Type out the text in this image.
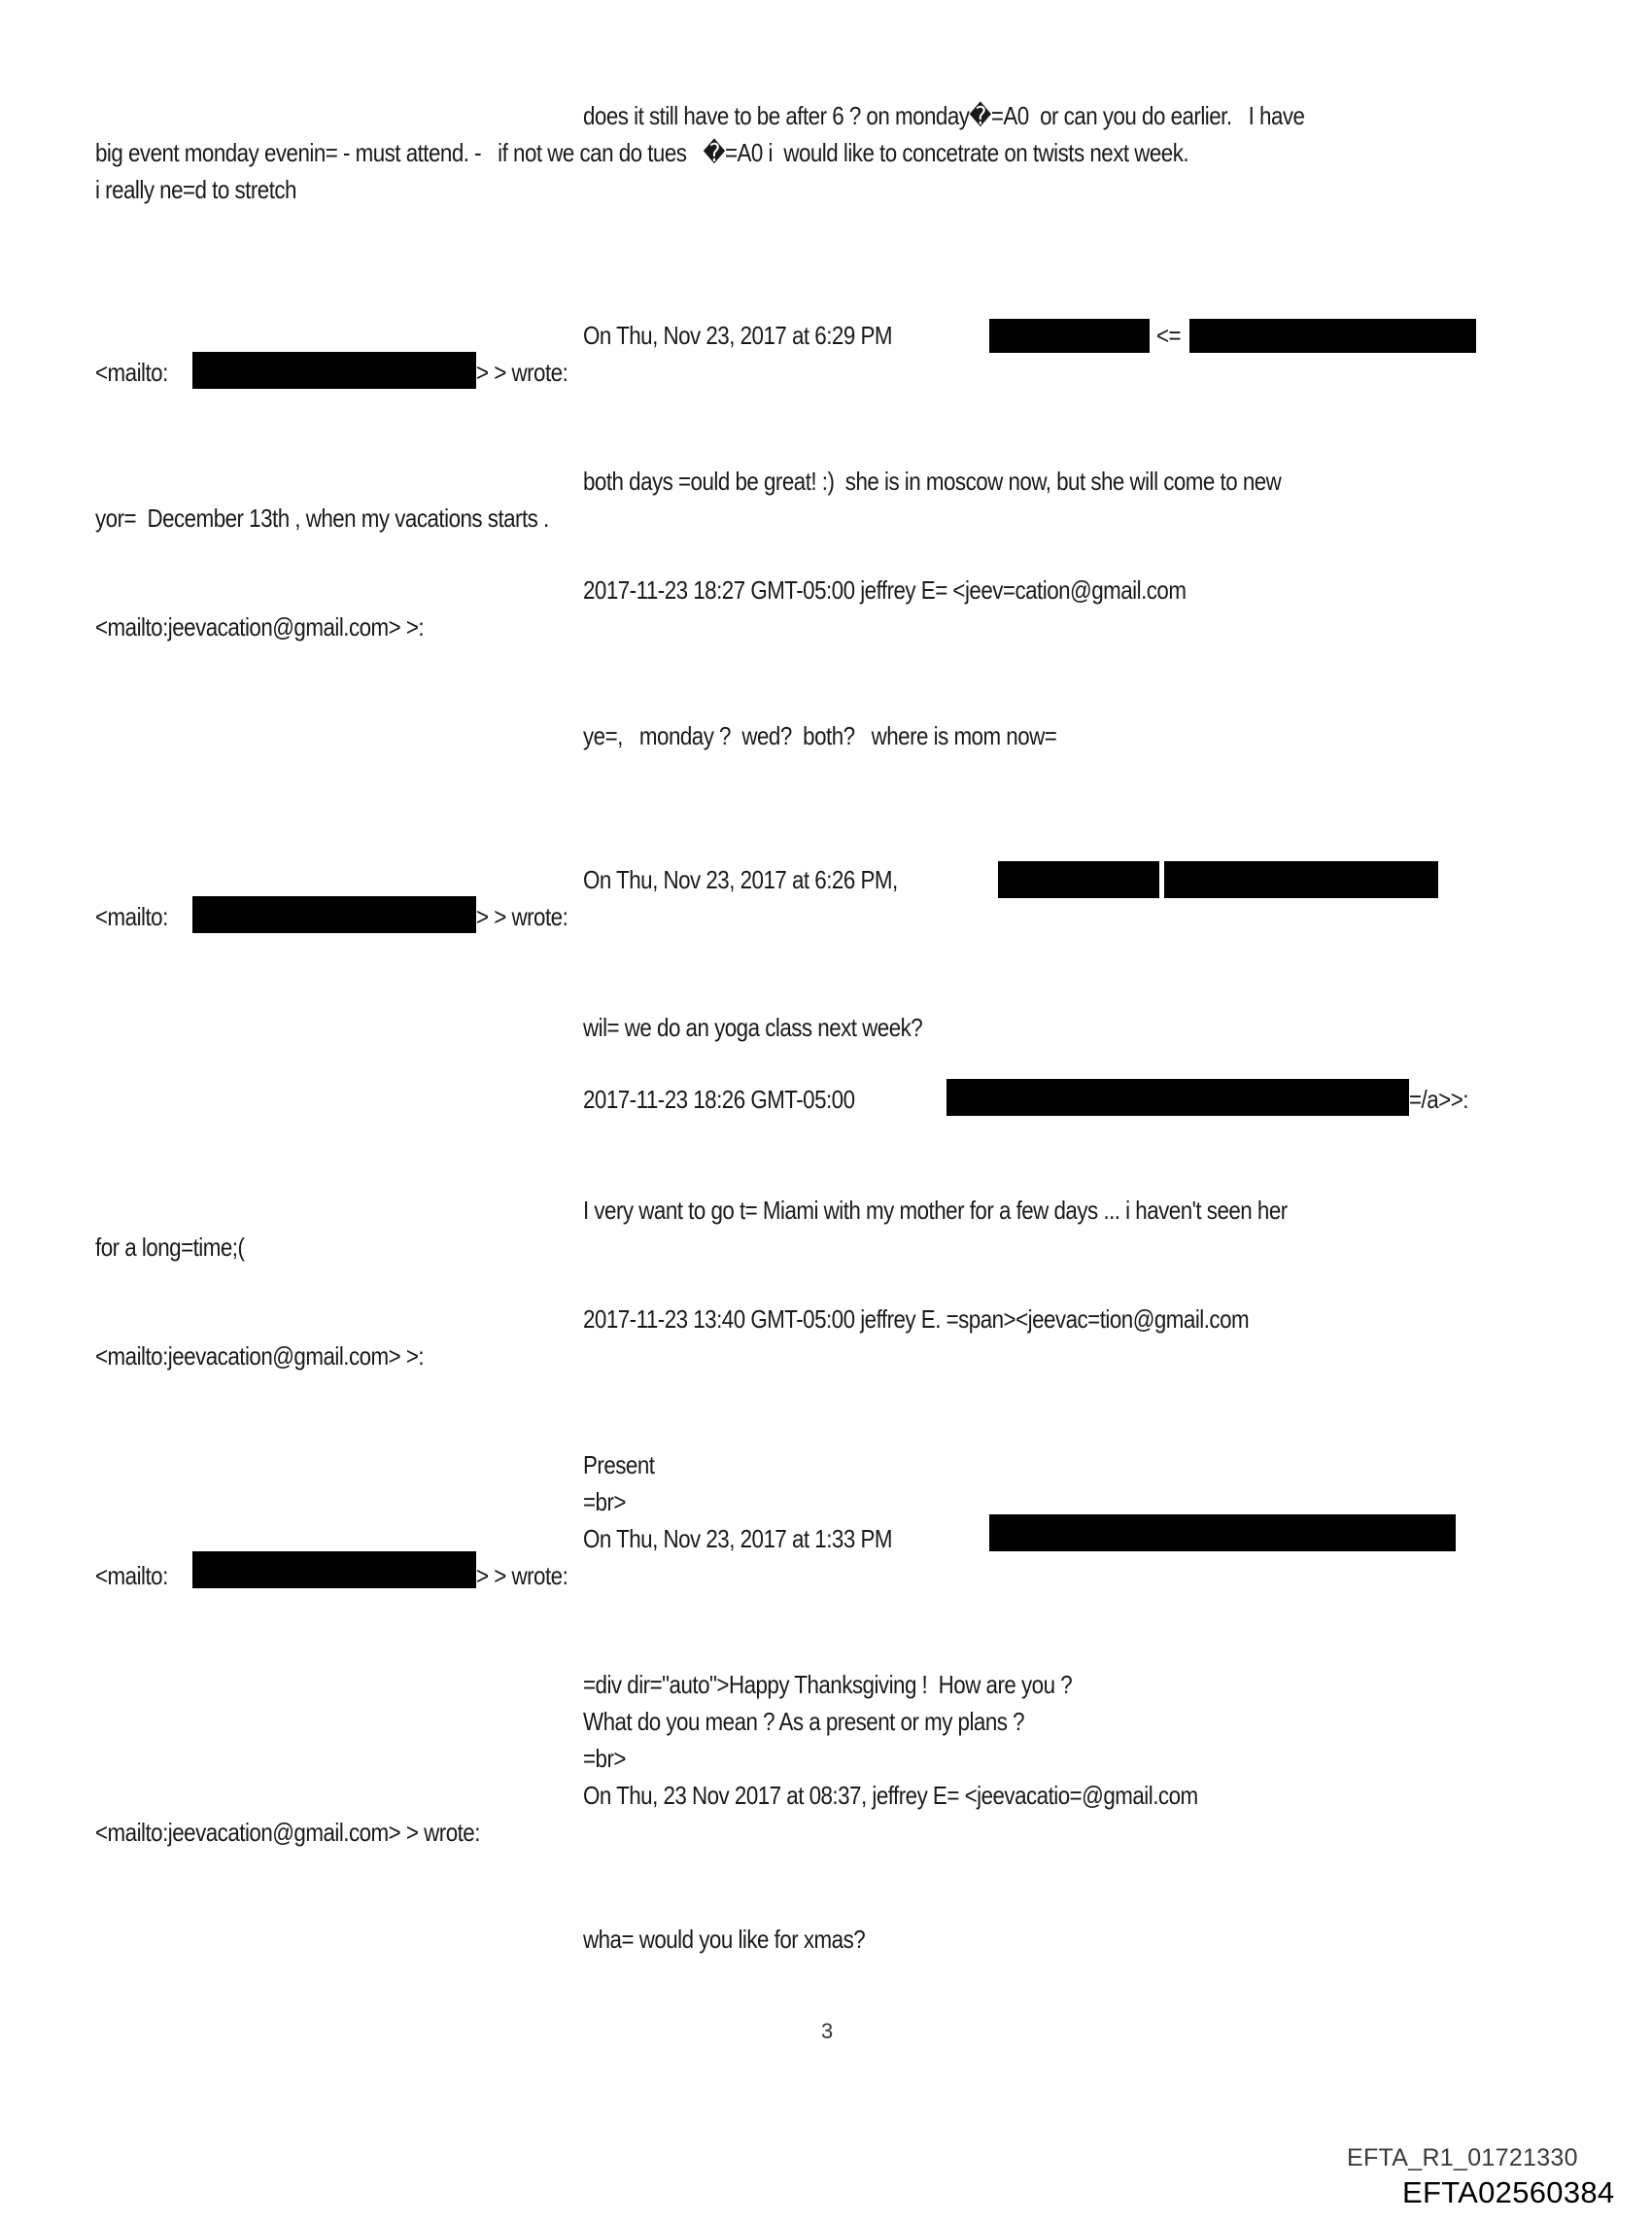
does it still have to be after 6 ? on monday�=A0  or can you do earlier.   I have
big event monday evenin= - must attend. -   if not we can do tues   �=A0 i  would like to concetrate on twists next week.
i really ne=d to stretch
On Thu, Nov 23, 2017 at 6:29 PM	<=
<mailto:	> > wrote:
both days =ould be great! :)  she is in moscow now, but she will come to new
yor=  December 13th , when my vacations starts .
2017-11-23 18:27 GMT-05:00 jeffrey E= <jeev=cation@gmail.com
<mailto:jeevacation@gmail.com> >:
ye=,   monday ?  wed?  both?   where is mom now=
On Thu, Nov 23, 2017 at 6:26 PM,
<mailto:	> > wrote:
wil= we do an yoga class next week?
2017-11-23 18:26 GMT-05:00	=/a>>:
I very want to go t= Miami with my mother for a few days ... i haven't seen her
for a long=time;(
2017-11-23 13:40 GMT-05:00 jeffrey E. =span><jeevac=tion@gmail.com
<mailto:jeevacation@gmail.com> >:
Present
=br>
On Thu, Nov 23, 2017 at 1:33 PM
<mailto:	> > wrote:
=div dir="auto">Happy Thanksgiving !  How are you ?
What do you mean ? As a present or my plans ?
=br>
On Thu, 23 Nov 2017 at 08:37, jeffrey E= <jeevacatio=@gmail.com
<mailto:jeevacation@gmail.com> > wrote:
wha= would you like for xmas?
3
EFTA_R1_01721330
EFTA02560384
